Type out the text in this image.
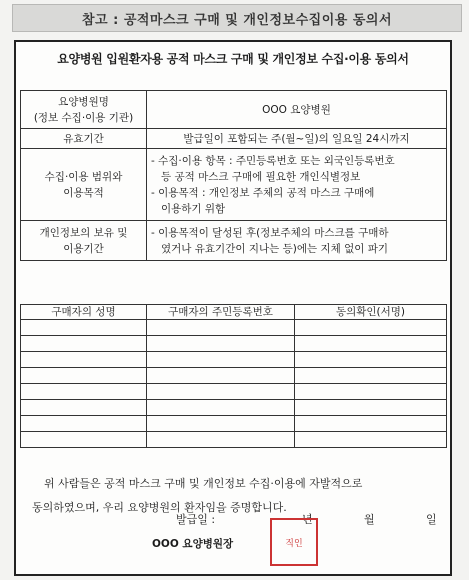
참고 : 공적마스크 구매 및 개인정보수집이용 동의서
요양병원 입원환자용 공적 마스크 구매 및 개인정보 수집·이용 동의서
요양병원명
(정보 수집·이용 기관)	OOO 요양병원
유효기간	발급일이 포함되는 주(월~일)의 일요일 24시까지

수집·이용 범위와
이용목적	- 수집·이용 항목 : 주민등록번호 또는 외국인등록번호
등 공적 마스크 구매에 필요한 개인식별정보
- 이용목적 : 개인정보 주체의 공적 마스크 구매에
이용하기 위함

개인정보의 보유 및
이용기간	- 이용목적이 달성된 후(정보주체의 마스크를 구매하
였거나 유효기간이 지나는 등)에는 지체 없이 파기
구매자의 성명	구매자의 주민등록번호	동의확인(서명)

위 사람들은 공적 마스크 구매 및 개인정보 수집·이용에 자발적으로
동의하였으며, 우리 요양병원의 환자임을 증명합니다.
발급일 :	년	월	일
OOO 요양병원장	직인
